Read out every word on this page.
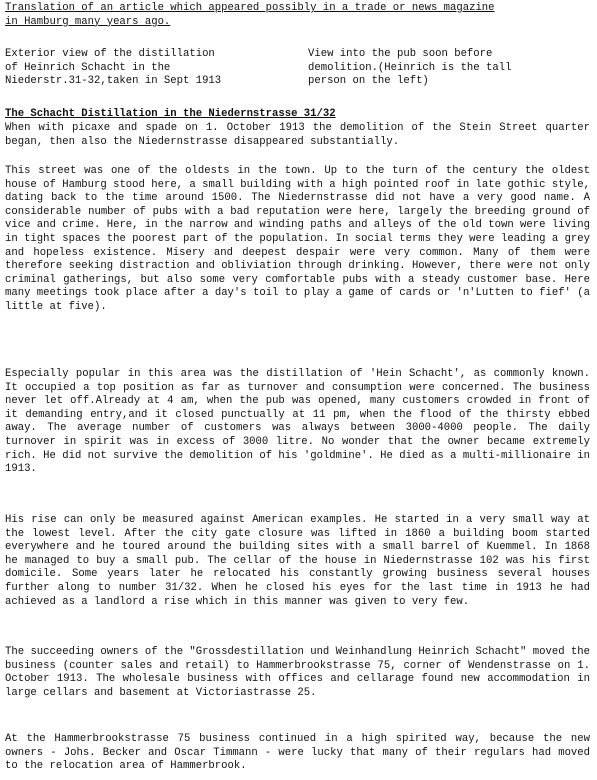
Translation of an article which appeared possibly in a trade or news magazine
in Hamburg many years ago.
Exterior view of the distillation
of Heinrich Schacht in the
Niederstr.31-32,taken in Sept 1913
View into the pub soon before
demolition.(Heinrich is the tall
person on the left)
The Schacht Distillation in the Niedernstrasse 31/32

When with picaxe and spade on 1. October 1913 the demolition of the Stein Street quarter began, then also the Niedernstrasse disappeared substantially.

This street was one of the oldests in the town. Up to the turn of the century the oldest house of Hamburg stood here, a small building with a high pointed roof in late gothic style, dating back to the time around 1500. The Niedernstrasse did not have a very good name. A considerable number of pubs with a bad reputation were here, largely the breeding ground of vice and crime. Here, in the narrow and winding paths and alleys of the old town were living in tight spaces the poorest part of the population. In social terms they were leading a grey and hopeless existence. Misery and deepest despair were very common. Many of them were therefore seeking distraction and obliviation through drinking. However, there were not only criminal gatherings, but also some very comfortable pubs with a steady customer base. Here many meetings took place after a day's toil to play a game of cards or 'n'Lutten to fief' (a little at five).

Especially popular in this area was the distillation of 'Hein Schacht', as commonly known. It occupied a top position as far as turnover and consumption were concerned. The business never let off.Already at 4 am, when the pub was opened, many customers crowded in front of it demanding entry,and it closed punctually at 11 pm, when the flood of the thirsty ebbed away. The average number of customers was always between 3000-4000 people. The daily turnover in spirit was in excess of 3000 litre. No wonder that the owner became extremely rich. He did not survive the demolition of his 'goldmine'. He died as a multi-millionaire in 1913.

His rise can only be measured against American examples. He started in a very small way at the lowest level. After the city gate closure was lifted in 1860 a building boom started everywhere and he toured around the building sites with a small barrel of Kuemmel. In 1868 he managed to buy a small pub. The cellar of the house in Niedernstrasse 102 was his first domicile. Some years later he relocated his constantly growing business several houses further along to number 31/32. When he closed his eyes for the last time in 1913 he had achieved as a landlord a rise which in this manner was given to very few.

The succeeding owners of the "Grossdestillation und Weinhandlung Heinrich Schacht" moved the business (counter sales and retail) to Hammerbrookstrasse 75, corner of Wendenstrasse on 1. October 1913. The wholesale business with offices and cellarage found new accommodation in large cellars and basement at Victoriastrasse 25.

At the Hammerbrookstrasse 75 business continued in a high spirited way, because the new owners - Johs. Becker and Oscar Timmann - were lucky that many of their regulars had moved to the relocation area of Hammerbrook.
